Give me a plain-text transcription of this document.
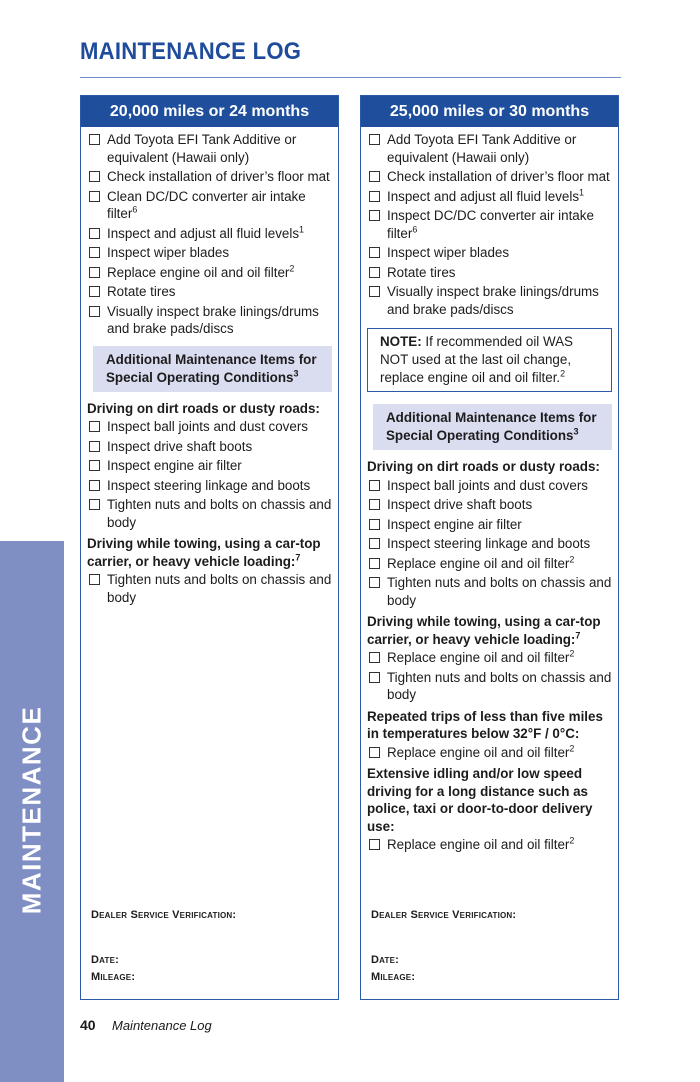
MAINTENANCE LOG
MAINTENANCE
20,000 miles or 24 months
Add Toyota EFI Tank Additive or equivalent (Hawaii only)
Check installation of driver’s floor mat
Clean DC/DC converter air intake filter$^6$
Inspect and adjust all fluid levels$^1$
Inspect wiper blades
Replace engine oil and oil filter$^2$
Rotate tires
Visually inspect brake linings/drums and brake pads/discs
Additional Maintenance Items for Special Operating Conditions$^3$
Driving on dirt roads or dusty roads:
Inspect ball joints and dust covers
Inspect drive shaft boots
Inspect engine air filter
Inspect steering linkage and boots
Tighten nuts and bolts on chassis and body
Driving while towing, using a car-top carrier, or heavy vehicle loading:$^7$
Tighten nuts and bolts on chassis and body
Dealer Service Verification:
Date:
Mileage:
25,000 miles or 30 months
Add Toyota EFI Tank Additive or equivalent (Hawaii only)
Check installation of driver’s floor mat
Inspect and adjust all fluid levels$^1$
Inspect DC/DC converter air intake filter$^6$
Inspect wiper blades
Rotate tires
Visually inspect brake linings/drums and brake pads/discs
NOTE: If recommended oil WAS NOT used at the last oil change, replace engine oil and oil filter.$^2$
Additional Maintenance Items for Special Operating Conditions$^3$
Driving on dirt roads or dusty roads:
Inspect ball joints and dust covers
Inspect drive shaft boots
Inspect engine air filter
Inspect steering linkage and boots
Replace engine oil and oil filter$^2$
Tighten nuts and bolts on chassis and body
Driving while towing, using a car-top carrier, or heavy vehicle loading:$^7$
Replace engine oil and oil filter$^2$
Tighten nuts and bolts on chassis and body
Repeated trips of less than five miles in temperatures below 32°F / 0°C:
Replace engine oil and oil filter$^2$
Extensive idling and/or low speed driving for a long distance such as police, taxi or door-to-door delivery use:
Replace engine oil and oil filter$^2$
Dealer Service Verification:
Date:
Mileage:
40 Maintenance Log
